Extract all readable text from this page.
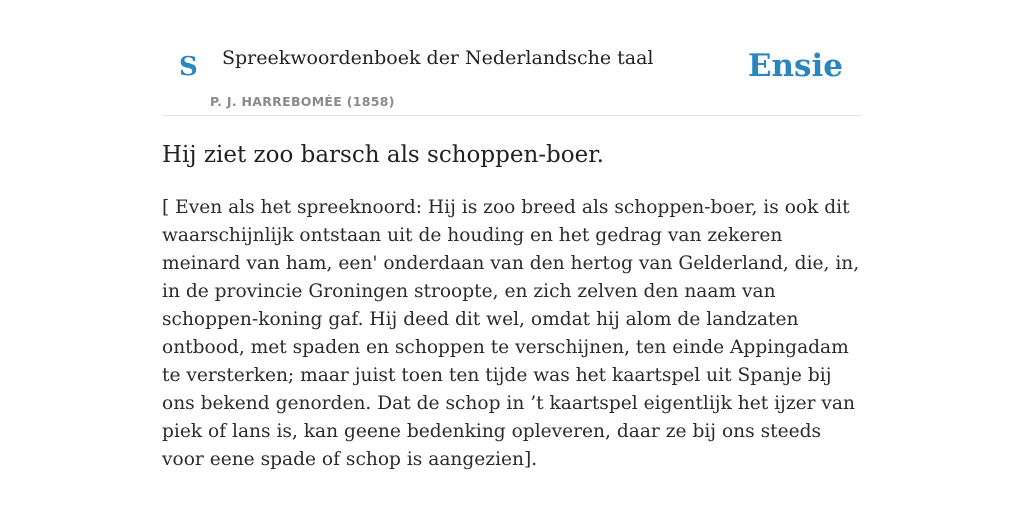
S Spreekwoordenboek der Nederlandsche taal
P. J. HARREBOMÉE (1858)
Ensie
Hij ziet zoo barsch als schoppen-boer.

[ Even als het spreeknoord: Hij is zoo breed als schoppen-boer, is ook dit waarschijnlijk ontstaan uit de houding en het gedrag van zekeren meinard van ham, een' onderdaan van den hertog van Gelderland, die, in, in de provincie Groningen stroopte, en zich zelven den naam van schoppen-koning gaf. Hij deed dit wel, omdat hij alom de landzaten ontbood, met spaden en schoppen te verschijnen, ten einde Appingadam te versterken; maar juist toen ten tijde was het kaartspel uit Spanje bij ons bekend genorden. Dat de schop in ’t kaartspel eigentlijk het ijzer van piek of lans is, kan geene bedenking opleveren, daar ze bij ons steeds voor eene spade of schop is aangezien].
